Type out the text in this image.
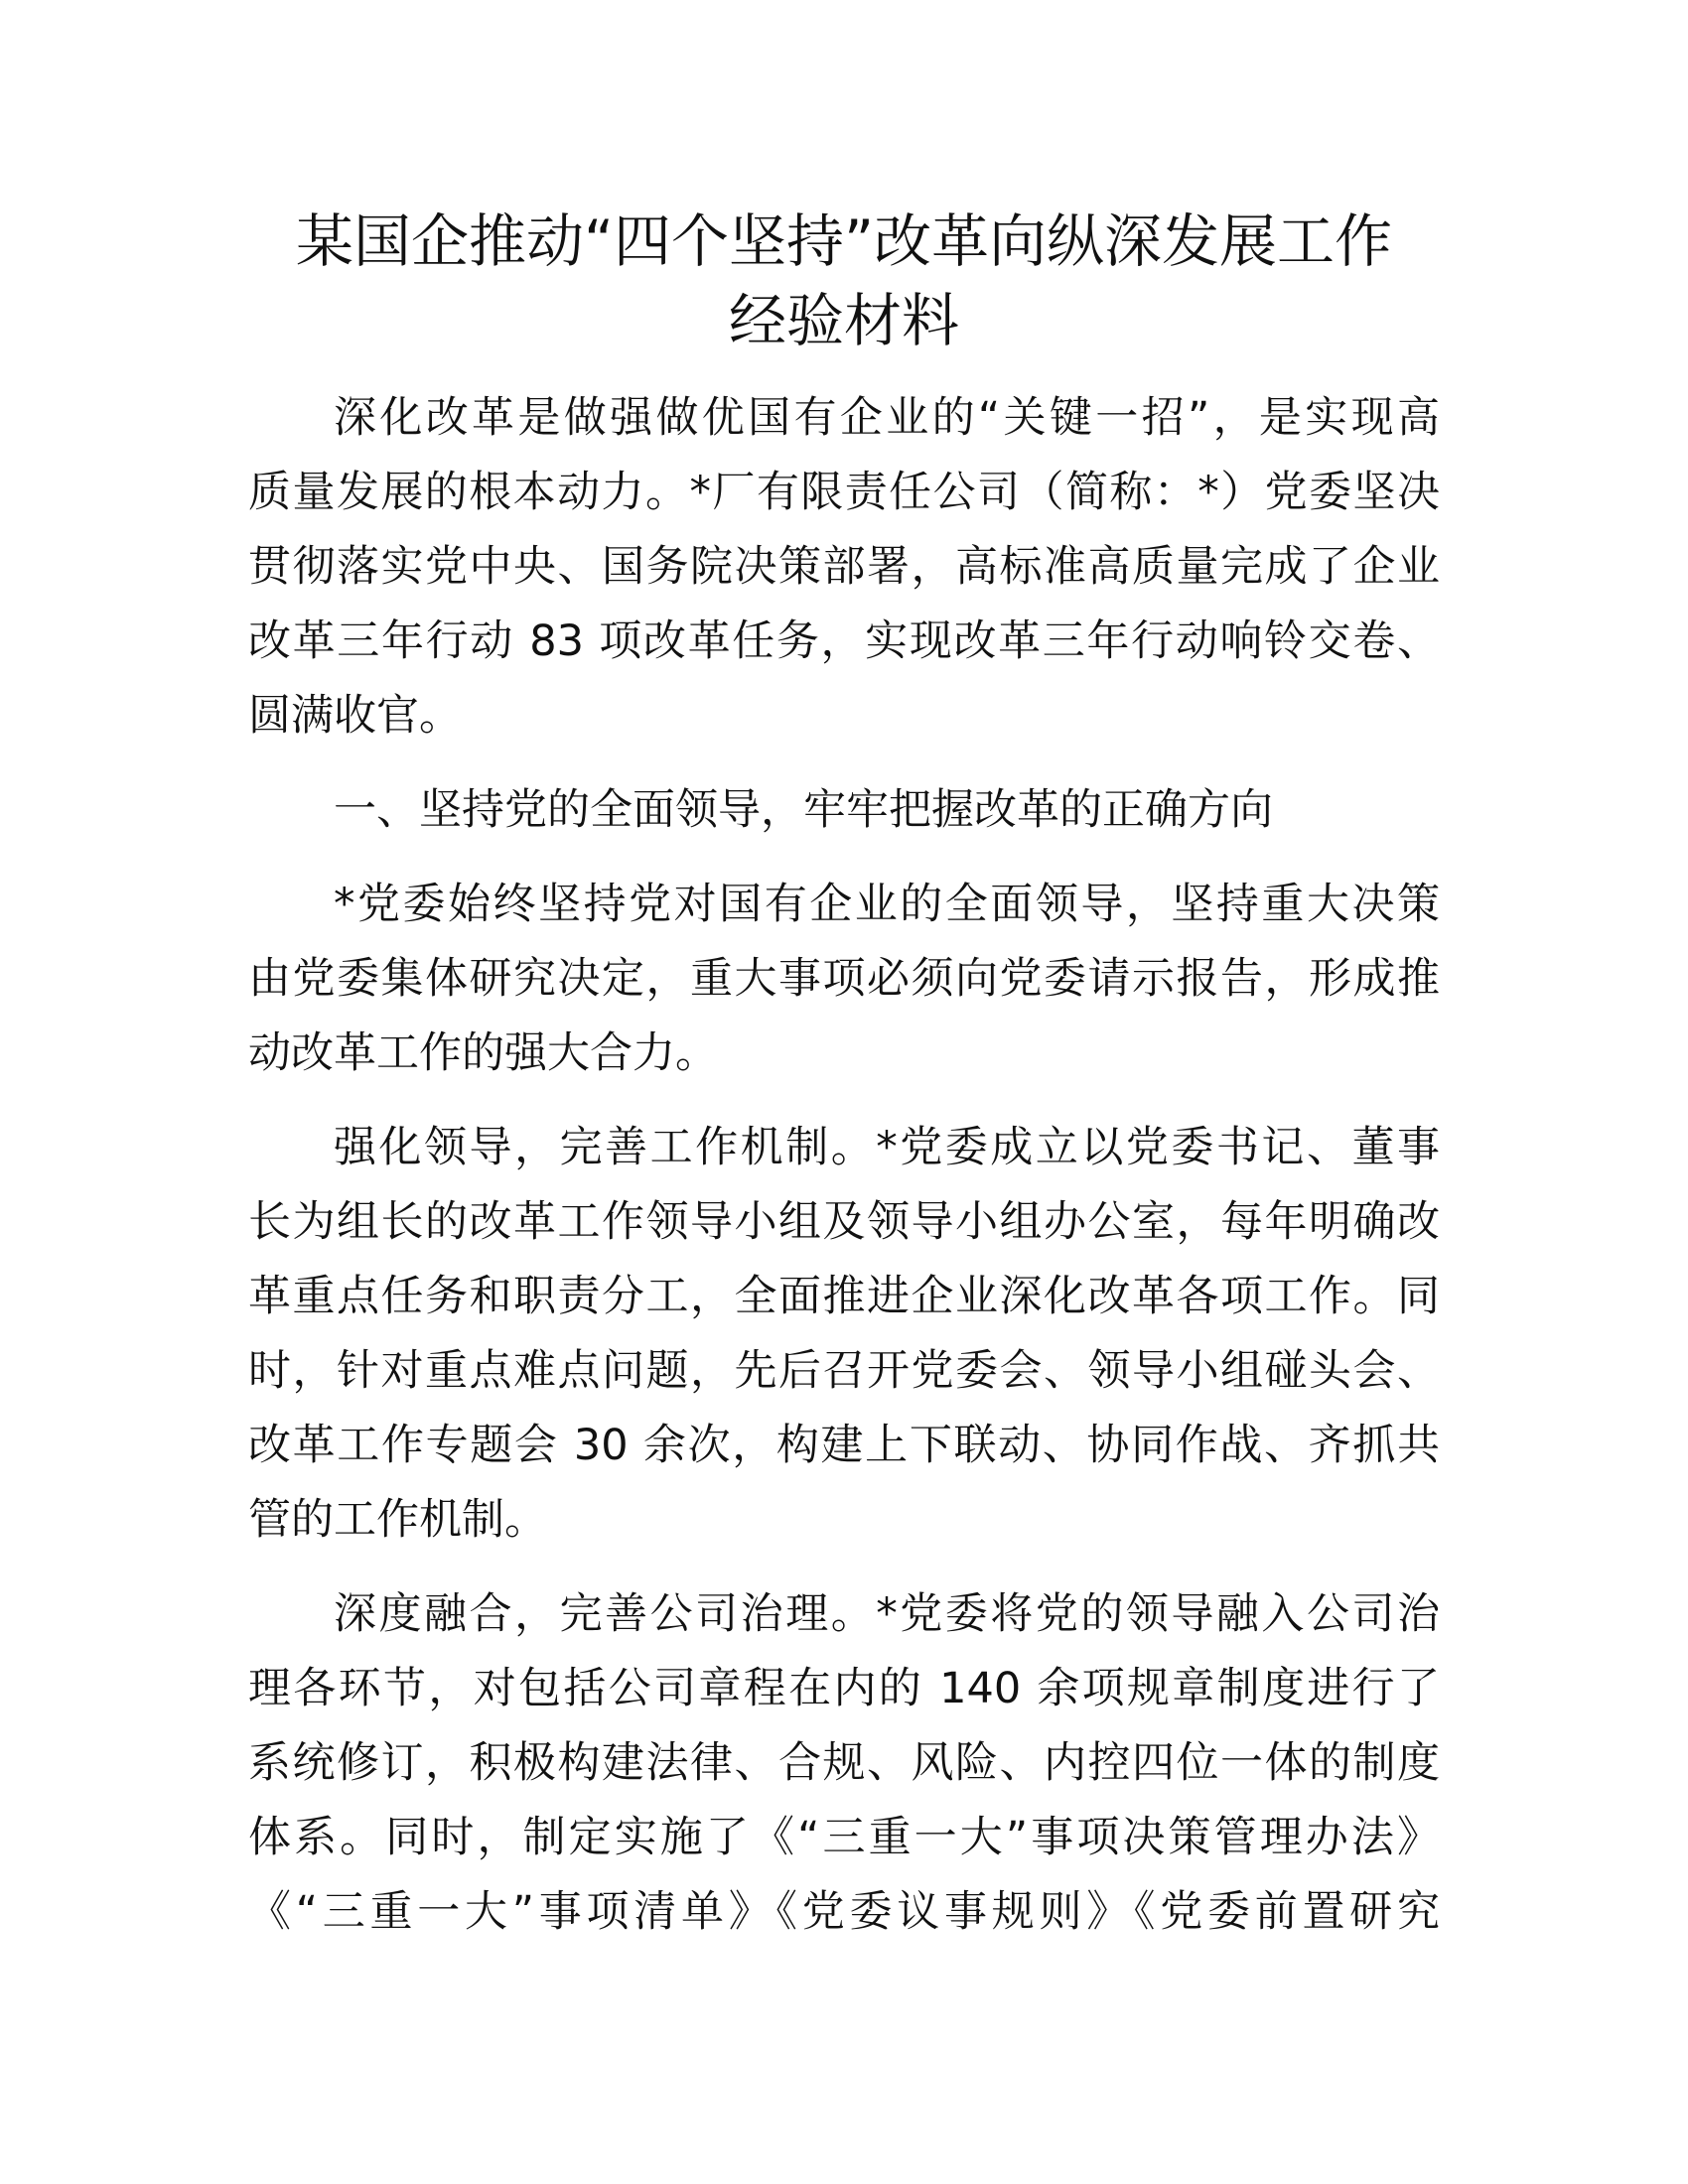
某国企推动“四个坚持”改革向纵深发展工作
经验材料
深化改革是做强做优国有企业的“关键一招”，是实现高
质量发展的根本动力。*厂有限责任公司（简称：*）党委坚决
贯彻落实党中央、国务院决策部署，高标准高质量完成了企业
改革三年行动 83 项改革任务，实现改革三年行动响铃交卷、
圆满收官。
一、坚持党的全面领导，牢牢把握改革的正确方向
*党委始终坚持党对国有企业的全面领导，坚持重大决策
由党委集体研究决定，重大事项必须向党委请示报告，形成推
动改革工作的强大合力。
强化领导，完善工作机制。*党委成立以党委书记、董事
长为组长的改革工作领导小组及领导小组办公室，每年明确改
革重点任务和职责分工，全面推进企业深化改革各项工作。同
时，针对重点难点问题，先后召开党委会、领导小组碰头会、
改革工作专题会 30 余次，构建上下联动、协同作战、齐抓共
管的工作机制。
深度融合，完善公司治理。*党委将党的领导融入公司治
理各环节，对包括公司章程在内的 140 余项规章制度进行了
系统修订，积极构建法律、合规、风险、内控四位一体的制度
体系。同时，制定实施了《“三重一大”事项决策管理办法》
《“三重一大”事项清单》《党委议事规则》《党委前置研究
